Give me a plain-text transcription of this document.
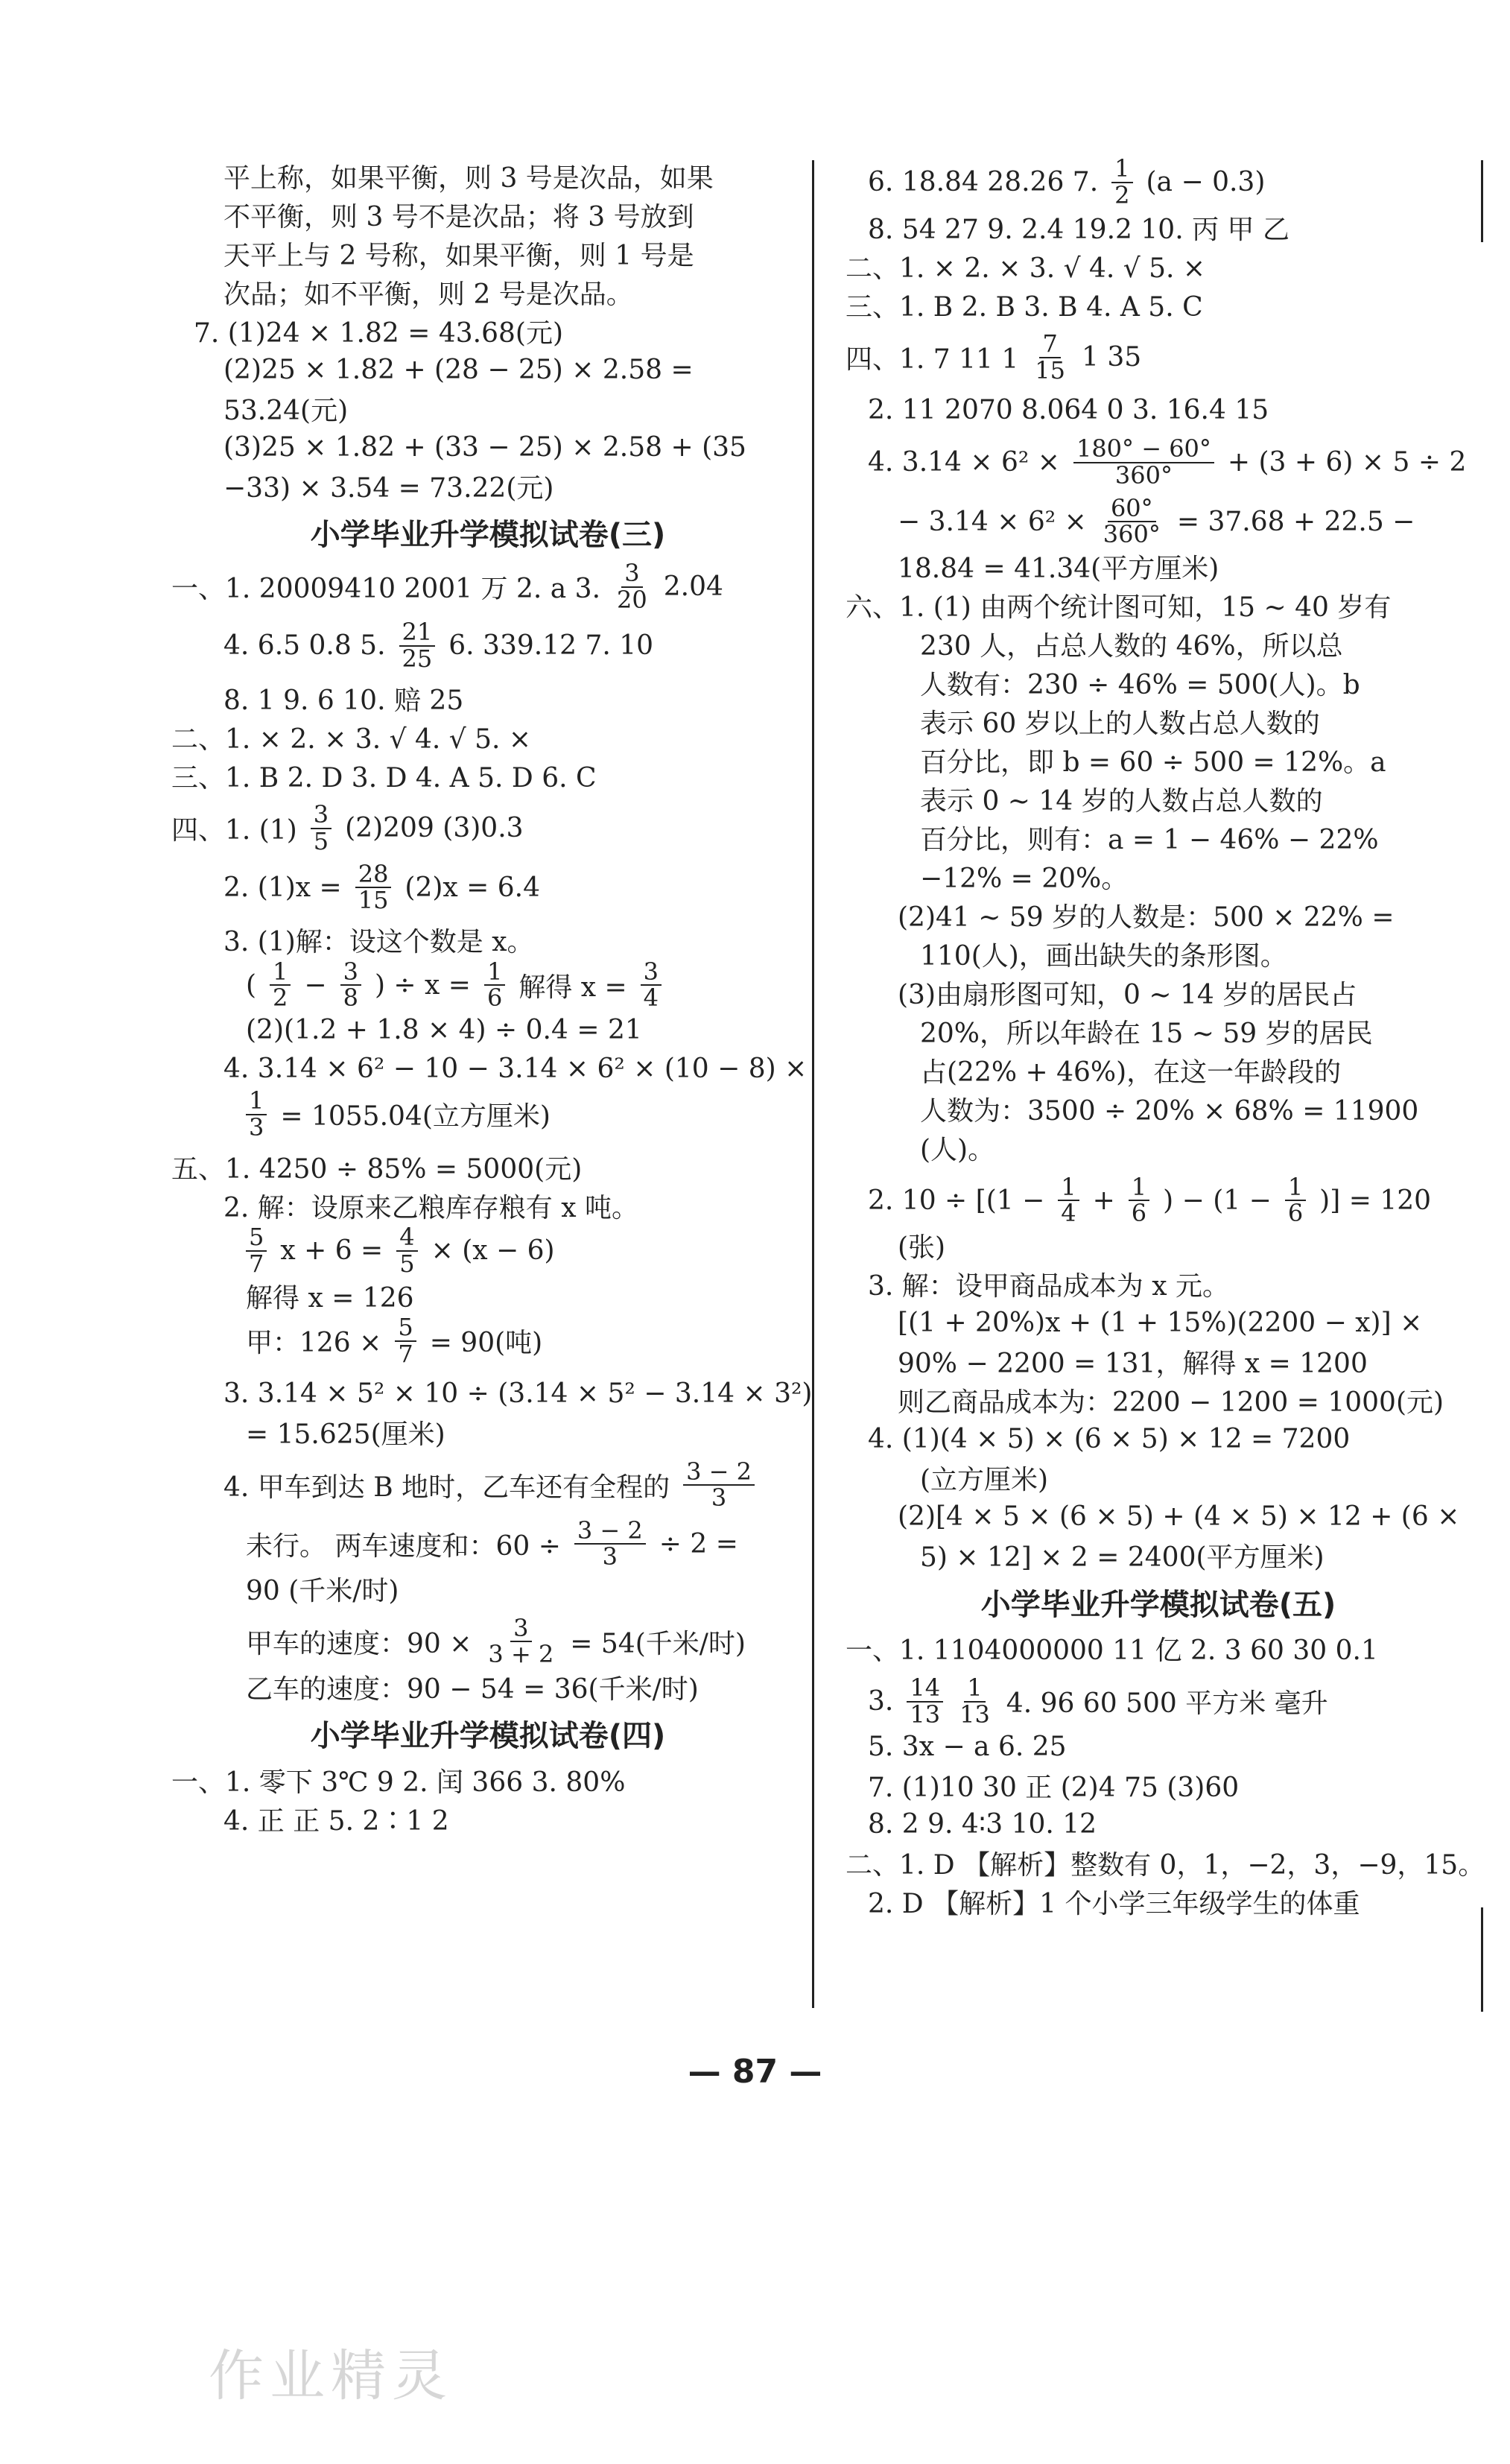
平上称，如果平衡，则 3 号是次品，如果
不平衡，则 3 号不是次品；将 3 号放到
天平上与 2 号称，如果平衡，则 1 号是
次品；如不平衡，则 2 号是次品。
7. (1)24 × 1.82 = 43.68(元)
(2)25 × 1.82 + (28 − 25) × 2.58 =
53.24(元)
(3)25 × 1.82 + (33 − 25) × 2.58 + (35
−33) × 3.54 = 73.22(元)
小学毕业升学模拟试卷(三)
一、1. 20009410 2001 万 2. a 3. $\frac{3}{20} 2.04$
4. 6.5 0.8 5. $\frac{21}{25} 6$. 339.12 7. 10
8. 1 9. 6 10. 赔 25
二、1. × 2. × 3. √ 4. √ 5. ×
三、1. B 2. D 3. D 4. A 5. D 6. C
四、1. $(1) \frac{3}{5} (2)209$ (3)0.3
2. $(1)x = \frac{28}{15} (2)x = 6.4$
3. (1)解：设这个数是 x。
( $\frac{1}{2} - \frac{3}{8}$ ) ÷ $x = \frac{1}{6}$ 解得 $x = \frac{3}{4}$
(2)(1.2 + 1.8 × 4) ÷ 0.4 = 21
4. 3.14 × 6² − 10 − 3.14 × 6² × (10 − 8) ×
$\frac{1}{3} = 1055.04$(立方厘米)
五、1. 4250 ÷ 85% = 5000(元)
2. 解：设原来乙粮库存粮有 x 吨。
$\frac{5}{7}$ $x + 6 = \frac{4}{5} \times (x - 6)$
解得 x = 126
甲：$126 \times \frac{5}{7} = 90$(吨)
3. 3.14 × 5² × 10 ÷ (3.14 × 5² − 3.14 × 3²)
= 15.625(厘米)
4. 甲车到达 B 地时，乙车还有全程的 $\frac{3 - 2}{3}$
未行。 两车速度和：$60 \div \frac{3 - 2}{3} \div 2$ =
90 (千米/时)
甲车的速度：$90 \times \frac{3}{3 + 2} = 54$(千米/时)
乙车的速度：90 − 54 = 36(千米/时)
小学毕业升学模拟试卷(四)
一、1. 零下 3℃ 9 2. 闰 366 3. 80%
4. 正 正 5. 2∶1 2
6. 18.84 28.26 7. $\frac{1}{2} (a - 0.3)$
8. 54 27 9. 2.4 19.2 10. 丙 甲 乙
二、1. × 2. × 3. √ 4. √ 5. ×
三、1. B 2. B 3. B 4. A 5. C
四、1. 7 11 $1 \frac{7}{15} 1$ 35
2. 11 2070 8.064 0 3. 16.4 15
4. $3.14 \times 6^2 \times \frac{180^\circ - 60^\circ}{360^\circ} + (3 + 6) \times 5 \div 2$
− $3.14 \times 6^2 \times \frac{60^\circ}{360^\circ} = 37.68 + 22.5$ −
18.84 = 41.34(平方厘米)
六、1. (1) 由两个统计图可知，15 ~ 40 岁有
230 人，占总人数的 46%，所以总
人数有：230 ÷ 46% = 500(人)。b
表示 60 岁以上的人数占总人数的
百分比，即 b = 60 ÷ 500 = 12%。a
表示 0 ~ 14 岁的人数占总人数的
百分比，则有：a = 1 − 46% − 22%
−12% = 20%。
(2)41 ~ 59 岁的人数是：500 × 22% =
110(人)，画出缺失的条形图。
(3)由扇形图可知，0 ~ 14 岁的居民占
20%，所以年龄在 15 ~ 59 岁的居民
占(22% + 46%)，在这一年龄段的
人数为：3500 ÷ 20% × 68% = 11900
(人)。
2. $10 \div [(1 - \frac{1}{4} + \frac{1}{6}$ ) − ($1 - \frac{1}{6}$ )] = 120
(张)
3. 解：设甲商品成本为 x 元。
[(1 + 20%)x + (1 + 15%)(2200 − x)] ×
90% − 2200 = 131，解得 x = 1200
则乙商品成本为：2200 − 1200 = 1000(元)
4. (1)(4 × 5) × (6 × 5) × 12 = 7200
(立方厘米)
(2)[4 × 5 × (6 × 5) + (4 × 5) × 12 + (6 ×
5) × 12] × 2 = 2400(平方厘米)
小学毕业升学模拟试卷(五)
一、1. 1104000000 11 亿 2. 3 60 30 0.1
3. $\frac{14}{13} \frac{1}{13} 4$. 96 60 500 平方米 毫升
5. 3x − a 6. 25
7. (1)10 30 正 (2)4 75 (3)60
8. 2 9. 4∶3 10. 12
二、1. D 【解析】整数有 0，1，−2，3，−9，15。
2. D 【解析】1 个小学三年级学生的体重
— 87 —
作业精灵
